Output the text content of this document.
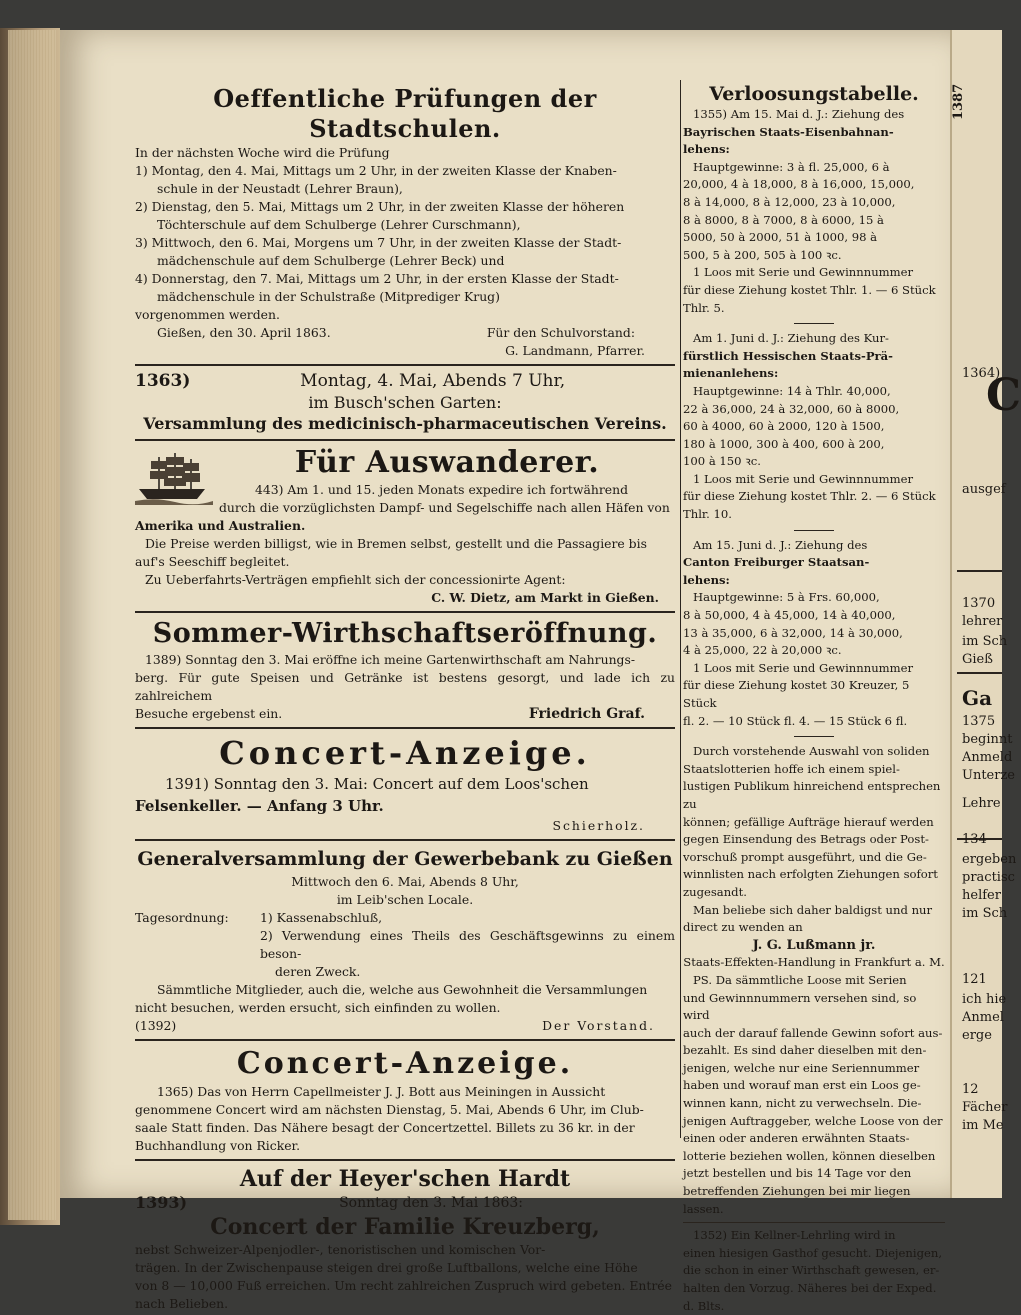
1364)
C
ausgef
1370
lehrer
im Sch
Gieß
Ga
1375
beginnt
Anmeld
Unterze
Lehre
134
ergeben
practisc
helfer
im Sch
121
ich hie
Anmel
erge
12
Fächer
im Me
1387

Oeffentliche Prüfungen der Stadtschulen.

In der nächsten Woche wird die Prüfung

1) Montag, den 4. Mai, Mittags um 2 Uhr, in der zweiten Klasse der Knaben-

schule in der Neustadt (Lehrer Braun),

2) Dienstag, den 5. Mai, Mittags um 2 Uhr, in der zweiten Klasse der höheren

Töchterschule auf dem Schulberge (Lehrer Curschmann),

3) Mittwoch, den 6. Mai, Morgens um 7 Uhr, in der zweiten Klasse der Stadt-

mädchenschule auf dem Schulberge (Lehrer Beck) und

4) Donnerstag, den 7. Mai, Mittags um 2 Uhr, in der ersten Klasse der Stadt-

mädchenschule in der Schulstraße (Mitprediger Krug)

vorgenommen werden.

Gießen, den 30. April 1863.	Für den Schulvorstand:

G. Landmann, Pfarrer.

1363)	Montag, 4. Mai, Abends 7 Uhr,

im Busch'schen Garten:

Versammlung des medicinisch-pharmaceutischen Vereins.

Für Auswanderer.

443) Am 1. und 15. jeden Monats expedire ich fortwährend

durch die vorzüglichsten Dampf- und Segelschiffe nach allen Häfen von

Amerika und Australien.

Die Preise werden billigst, wie in Bremen selbst, gestellt und die Passagiere bis

auf's Seeschiff begleitet.

Zu Ueberfahrts-Verträgen empfiehlt sich der concessionirte Agent:

C. W. Dietz, am Markt in Gießen.

Sommer-Wirthschaftseröffnung.

1389) Sonntag den 3. Mai eröffne ich meine Gartenwirthschaft am Nahrungs-

berg. Für gute Speisen und Getränke ist bestens gesorgt, und lade ich zu zahlreichem

Besuche ergebenst ein.	Friedrich Graf.

Concert-Anzeige.

1391) Sonntag den 3. Mai: Concert auf dem Loos'schen

Felsenkeller. — Anfang 3 Uhr.

Schierholz.

Generalversammlung der Gewerbebank zu Gießen

Mittwoch den 6. Mai, Abends 8 Uhr,

im Leib'schen Locale.

Tagesordnung:	1) Kassenabschluß,

2) Verwendung eines Theils des Geschäftsgewinns zu einem beson-

deren Zweck.

Sämmtliche Mitglieder, auch die, welche aus Gewohnheit die Versammlungen

nicht besuchen, werden ersucht, sich einfinden zu wollen.

(1392)	Der Vorstand.

Concert-Anzeige.

1365) Das von Herrn Capellmeister J. J. Bott aus Meiningen in Aussicht

genommene Concert wird am nächsten Dienstag, 5. Mai, Abends 6 Uhr, im Club-

saale Statt finden. Das Nähere besagt der Concertzettel. Billets zu 36 kr. in der

Buchhandlung von Ricker.

Auf der Heyer'schen Hardt

1393)	Sonntag den 3. Mai 1863:

Concert der Familie Kreuzberg,

nebst Schweizer-Alpenjodler-, tenoristischen und komischen Vor-

trägen. In der Zwischenpause steigen drei große Luftballons, welche eine Höhe

von 8 — 10,000 Fuß erreichen. Um recht zahlreichen Zuspruch wird gebeten. Entrée

nach Belieben.

Verloosungstabelle.

1355) Am 15. Mai d. J.: Ziehung des

Bayrischen Staats-Eisenbahnan-

lehens:

Hauptgewinne: 3 à fl. 25,000, 6 à

20,000, 4 à 18,000, 8 à 16,000, 15,000,

8 à 14,000, 8 à 12,000, 23 à 10,000,

8 à 8000, 8 à 7000, 8 à 6000, 15 à

5000, 50 à 2000, 51 à 1000, 98 à

500, 5 à 200, 505 à 100 ꝛc.

1 Loos mit Serie und Gewinnnummer

für diese Ziehung kostet Thlr. 1. — 6 Stück

Thlr. 5.

Am 1. Juni d. J.: Ziehung des Kur-

fürstlich Hessischen Staats-Prä-

mienanlehens:

Hauptgewinne: 14 à Thlr. 40,000,

22 à 36,000, 24 à 32,000, 60 à 8000,

60 à 4000, 60 à 2000, 120 à 1500,

180 à 1000, 300 à 400, 600 à 200,

100 à 150 ꝛc.

1 Loos mit Serie und Gewinnnummer

für diese Ziehung kostet Thlr. 2. — 6 Stück

Thlr. 10.

Am 15. Juni d. J.: Ziehung des

Canton Freiburger Staatsan-

lehens:

Hauptgewinne: 5 à Frs. 60,000,

8 à 50,000, 4 à 45,000, 14 à 40,000,

13 à 35,000, 6 à 32,000, 14 à 30,000,

4 à 25,000, 22 à 20,000 ꝛc.

1 Loos mit Serie und Gewinnnummer

für diese Ziehung kostet 30 Kreuzer, 5 Stück

fl. 2. — 10 Stück fl. 4. — 15 Stück 6 fl.

Durch vorstehende Auswahl von soliden

Staatslotterien hoffe ich einem spiel-

lustigen Publikum hinreichend entsprechen zu

können; gefällige Aufträge hierauf werden

gegen Einsendung des Betrags oder Post-

vorschuß prompt ausgeführt, und die Ge-

winnlisten nach erfolgten Ziehungen sofort

zugesandt.

Man beliebe sich daher baldigst und nur

direct zu wenden an

J. G. Lußmann jr.

Staats-Effekten-Handlung in Frankfurt a. M.

PS. Da sämmtliche Loose mit Serien

und Gewinnnummern versehen sind, so wird

auch der darauf fallende Gewinn sofort aus-

bezahlt. Es sind daher dieselben mit den-

jenigen, welche nur eine Seriennummer

haben und worauf man erst ein Loos ge-

winnen kann, nicht zu verwechseln. Die-

jenigen Auftraggeber, welche Loose von der

einen oder anderen erwähnten Staats-

lotterie beziehen wollen, können dieselben

jetzt bestellen und bis 14 Tage vor den

betreffenden Ziehungen bei mir liegen lassen.

1352) Ein Kellner-Lehrling wird in

einen hiesigen Gasthof gesucht. Diejenigen,

die schon in einer Wirthschaft gewesen, er-

halten den Vorzug. Näheres bei der Exped.

d. Blts.
